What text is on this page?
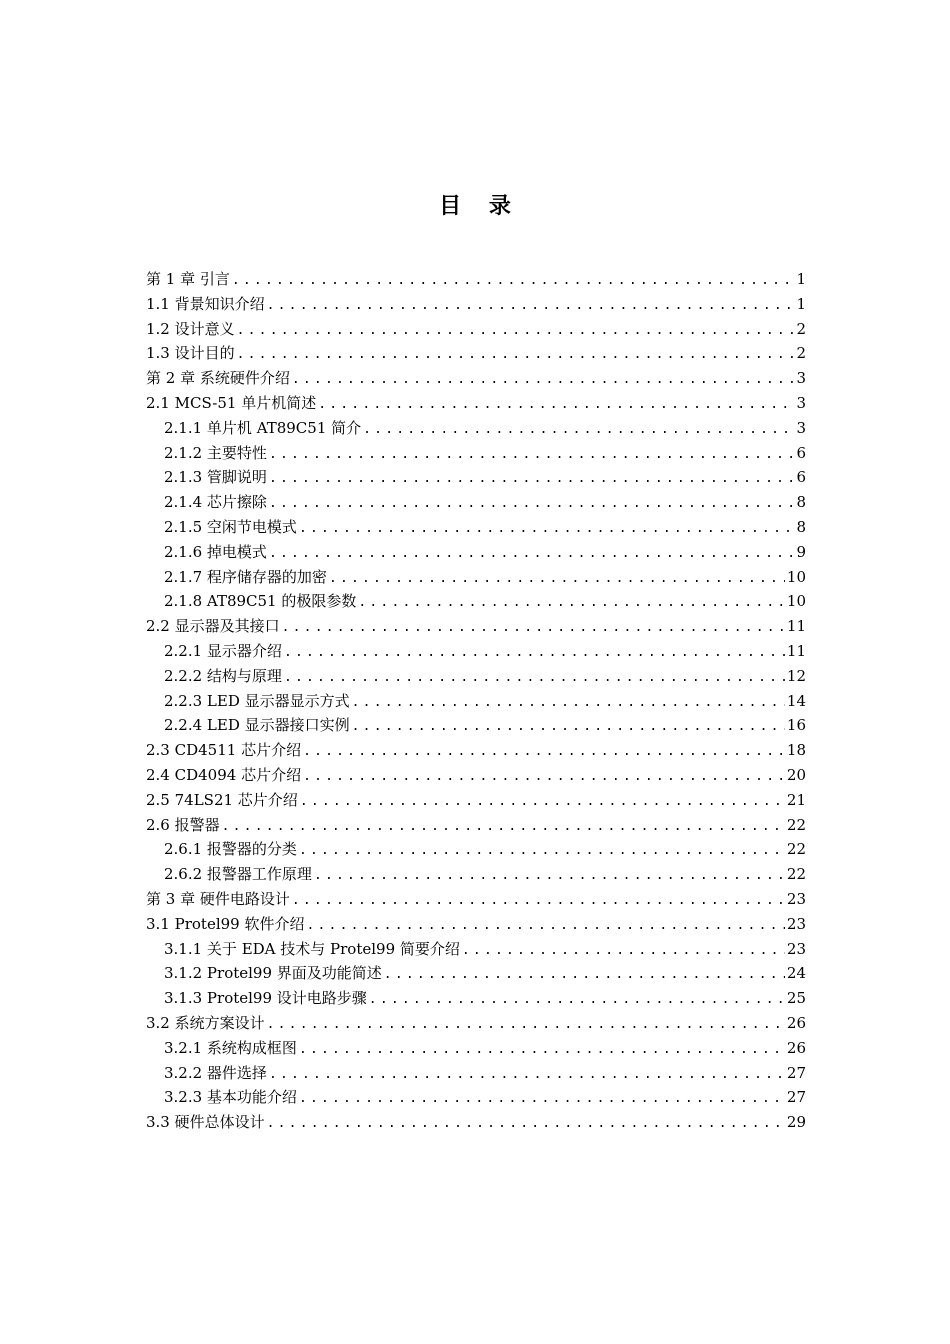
目 录
第 1 章 引言 .....	1
1.1 背景知识介绍 .....	1
1.2 设计意义 .....	2
1.3 设计目的 .....	2
第 2 章 系统硬件介绍 .....	3
2.1 MCS-51 单片机简述 .....	3
2.1.1 单片机 AT89C51 简介 .....	3
2.1.2 主要特性 .....	6
2.1.3 管脚说明 .....	6
2.1.4 芯片擦除 .....	8
2.1.5 空闲节电模式 .....	8
2.1.6 掉电模式 .....	9
2.1.7 程序储存器的加密 .....	10
2.1.8 AT89C51 的极限参数 .....	10
2.2 显示器及其接口 .....	11
2.2.1 显示器介绍 .....	11
2.2.2 结构与原理 .....	12
2.2.3 LED 显示器显示方式 .....	14
2.2.4 LED 显示器接口实例 .....	16
2.3 CD4511 芯片介绍 .....	18
2.4 CD4094 芯片介绍 .....	20
2.5 74LS21 芯片介绍 .....	21
2.6 报警器 .....	22
2.6.1 报警器的分类 .....	22
2.6.2 报警器工作原理 .....	22
第 3 章 硬件电路设计 .....	23
3.1 Protel99 软件介绍 .....	23
3.1.1 关于 EDA 技术与 Protel99 简要介绍 .....	23
3.1.2 Protel99 界面及功能简述 .....	24
3.1.3 Protel99 设计电路步骤 .....	25
3.2 系统方案设计 .....	26
3.2.1 系统构成框图 .....	26
3.2.2 器件选择 .....	27
3.2.3 基本功能介绍 .....	27
3.3 硬件总体设计 .....	29
